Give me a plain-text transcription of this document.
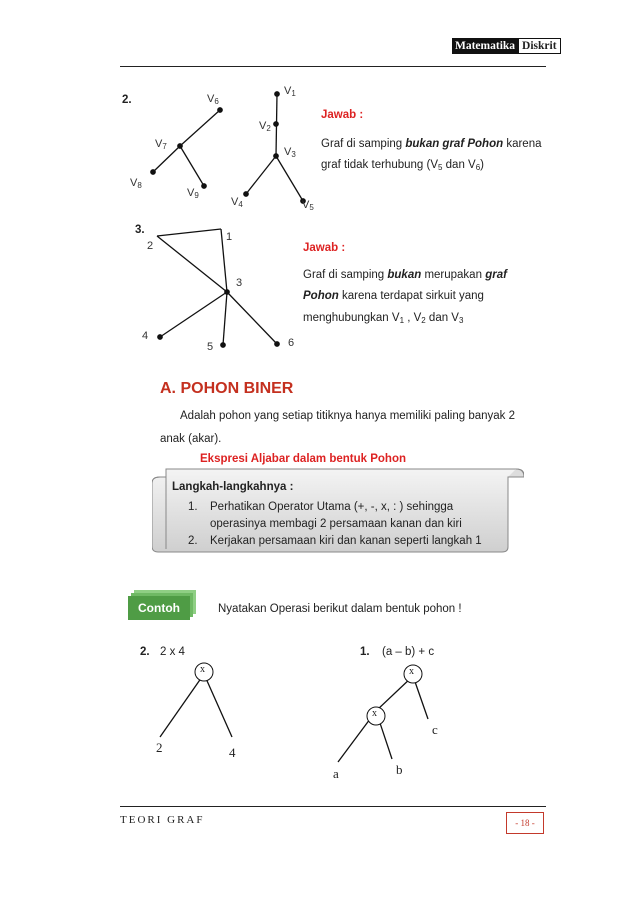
Matematika Diskrit
2.	$V_6$
$V_1$
$V_2$
$V_3$
$V_7$
$V_8$
$V_9$
$V_4$	$V_5$
Jawab :
Graf di samping bukan graf Pohon karena
graf tidak terhubung ($V_5$ dan $V_6$)
3.
1
2
3
4
5	6
Jawab :
Graf di samping bukan merupakan graf
Pohon karena terdapat sirkuit yang
menghubungkan $V_1$ , $V_2$ dan $V_3$
A. POHON BINER
Adalah pohon yang setiap titiknya hanya memiliki paling banyak 2
anak (akar).
Ekspresi Aljabar dalam bentuk Pohon
Langkah-langkahnya :
1. Perhatikan Operator Utama (+, -, x, : ) sehingga
operasinya membagi 2 persamaan kanan dan kiri
2. Kerjakan persamaan kiri dan kanan seperti langkah 1
Contoh	Nyatakan Operasi berikut dalam bentuk pohon !
2. 2 x 4
x
2	4
1. (a – b) + c
x
x
c
a	b
TEORI GRAF	- 18 -
